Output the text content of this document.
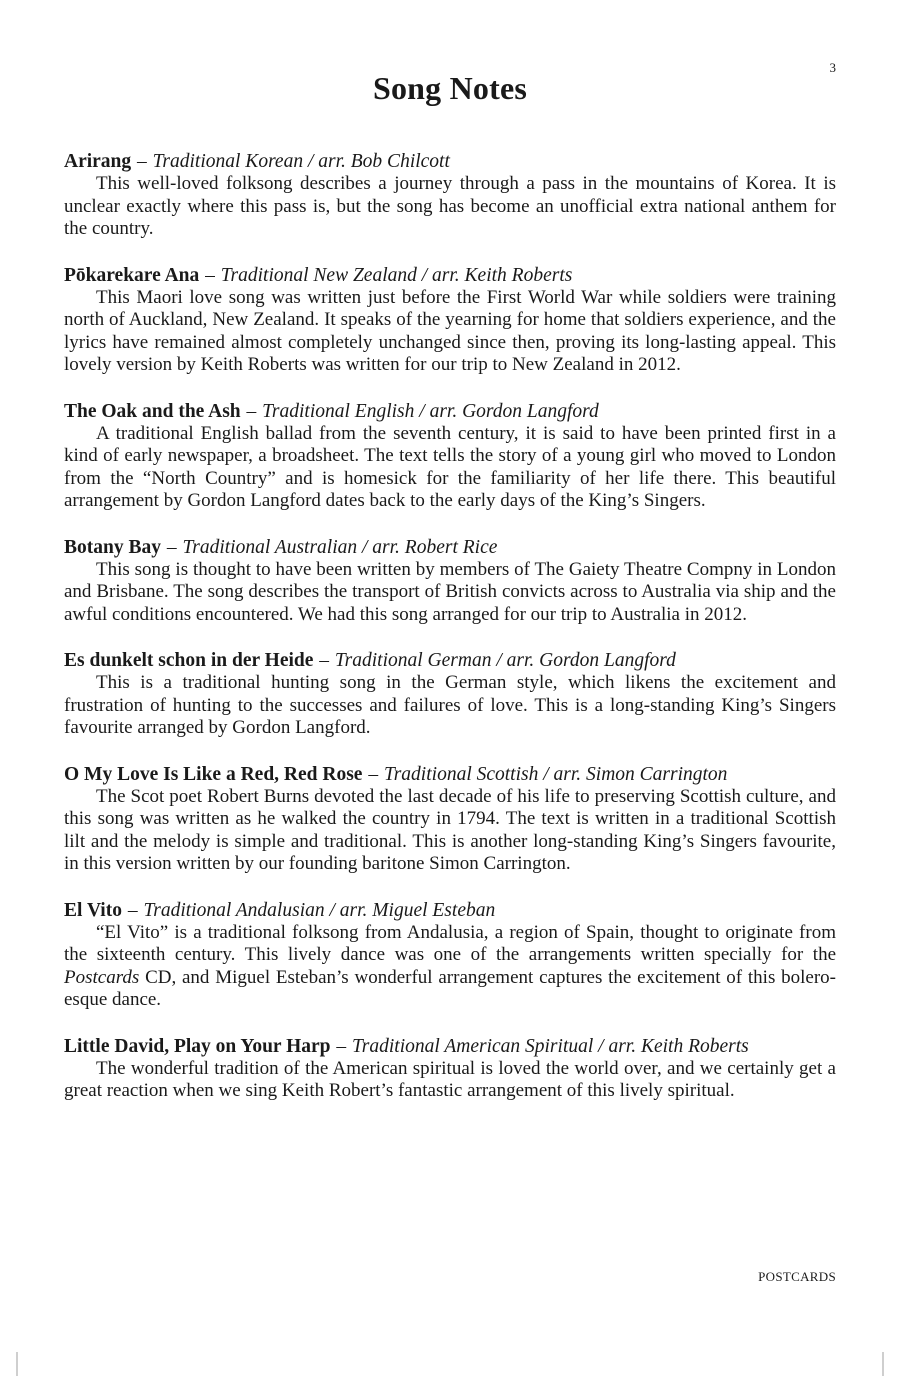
3
Song Notes

Arirang – Traditional Korean / arr. Bob Chilcott

This well-loved folksong describes a journey through a pass in the mountains of Korea. It is unclear exactly where this pass is, but the song has become an unofficial extra national anthem for the country.

Pōkarekare Ana – Traditional New Zealand / arr. Keith Roberts

This Maori love song was written just before the First World War while soldiers were training north of Auckland, New Zealand. It speaks of the yearning for home that soldiers experience, and the lyrics have remained almost completely unchanged since then, proving its long-lasting appeal. This lovely version by Keith Roberts was written for our trip to New Zealand in 2012.

The Oak and the Ash – Traditional English / arr. Gordon Langford

A traditional English ballad from the seventh century, it is said to have been printed first in a kind of early newspaper, a broadsheet. The text tells the story of a young girl who moved to London from the “North Country” and is homesick for the familiarity of her life there. This beautiful arrangement by Gordon Langford dates back to the early days of the King’s Singers.

Botany Bay – Traditional Australian / arr. Robert Rice

This song is thought to have been written by members of The Gaiety Theatre Compny in London and Brisbane. The song describes the transport of British convicts across to Australia via ship and the awful conditions encountered. We had this song arranged for our trip to Australia in 2012.

Es dunkelt schon in der Heide – Traditional German / arr. Gordon Langford

This is a traditional hunting song in the German style, which likens the excitement and frustration of hunting to the successes and failures of love. This is a long-standing King’s Singers favourite arranged by Gordon Langford.

O My Love Is Like a Red, Red Rose – Traditional Scottish / arr. Simon Carrington

The Scot poet Robert Burns devoted the last decade of his life to preserving Scottish culture, and this song was written as he walked the country in 1794. The text is written in a traditional Scottish lilt and the melody is simple and traditional. This is another long-standing King’s Singers favourite, in this version written by our founding baritone Simon Carrington.

El Vito – Traditional Andalusian / arr. Miguel Esteban

“El Vito” is a traditional folksong from Andalusia, a region of Spain, thought to originate from the sixteenth century. This lively dance was one of the arrangements written specially for the Postcards CD, and Miguel Esteban’s wonderful arrangement captures the excitement of this bolero-esque dance.

Little David, Play on Your Harp – Traditional American Spiritual / arr. Keith Roberts

The wonderful tradition of the American spiritual is loved the world over, and we certainly get a great reaction when we sing Keith Robert’s fantastic arrangement of this lively spiritual.

POSTCARDS
